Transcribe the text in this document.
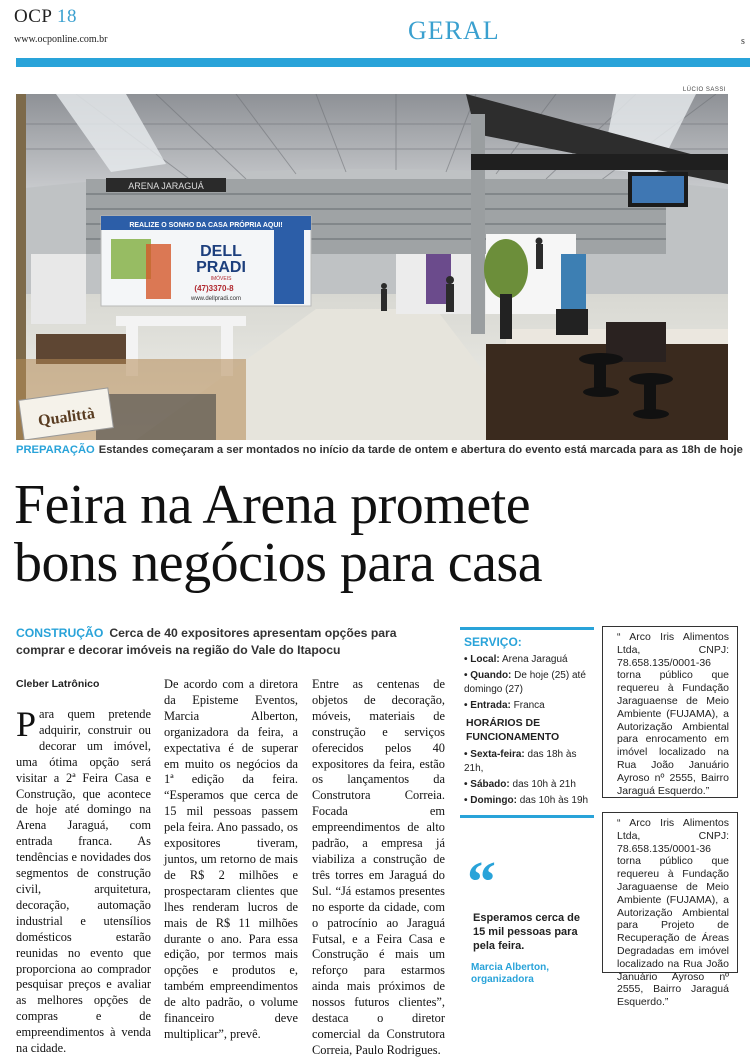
OCP 18
www.ocponline.com.br	GERAL	s
LÚCIO SASSI
ARENA JARAGUÁ
REALIZE O SONHO DA CASA PRÓPRIA AQUI!
DELL
PRADI
IMÓVEIS
(47)3370-8
www.dellpradi.com
Qualittà
PREPARAÇÃO Estandes começaram a ser montados no início da tarde de ontem e abertura do evento está marcada para as 18h de hoje
Feira na Arena promete
bons negócios para casa
CONSTRUÇÃO Cerca de 40 expositores apresentam opções para comprar e decorar imóveis na região do Vale do Itapocu
Cleber Latrônico
Para quem pretende adquirir, construir ou decorar um imóvel, uma ótima opção será visitar a 2ª Feira Casa e Construção, que acontece de hoje até domingo na Arena Jaraguá, com entrada franca. As tendências e novidades dos segmentos de construção civil, arquitetura, decoração, automação industrial e utensílios domésticos estarão reunidas no evento que proporciona ao comprador pesquisar preços e avaliar as melhores opções de compras e de empreendimentos à venda na cidade.
De acordo com a diretora da Episteme Eventos, Marcia Alberton, organizadora da feira, a expectativa é de superar em muito os negócios da 1ª edição da feira. “Esperamos que cerca de 15 mil pessoas passem pela feira. Ano passado, os expositores tiveram, juntos, um retorno de mais de R$ 2 milhões e prospectaram clientes que lhes renderam lucros de mais de R$ 11 milhões durante o ano. Para essa edição, por termos mais opções e produtos e, também empreendimentos de alto padrão, o volume financeiro deve multiplicar”, prevê.
Entre as centenas de objetos de decoração, móveis, materiais de construção e serviços oferecidos pelos 40 expositores da feira, estão os lançamentos da Construtora Correia. Focada em empreendimentos de alto padrão, a empresa já viabiliza a construção de três torres em Jaraguá do Sul. “Já estamos presentes no esporte da cidade, com o patrocínio ao Jaraguá Futsal, e a Feira Casa e Construção é mais um reforço para estarmos ainda mais próximos de nossos futuros clientes”, destaca o diretor comercial da Construtora Correia, Paulo Rodrigues.
SERVIÇO:
• Local: Arena Jaraguá
• Quando: De hoje (25) até domingo (27)
• Entrada: Franca
HORÁRIOS DE FUNCIONAMENTO
• Sexta-feira: das 18h às 21h,
• Sábado: das 10h à 21h
• Domingo: das 10h às 19h
“
Esperamos cerca de 15 mil pessoas para pela feira.
Marcia Alberton, organizadora
“ Arco Iris Alimentos Ltda, CNPJ: 78.658.135/0001-36 torna público que requereu à Fundação Jaraguaense de Meio Ambiente (FUJAMA), a Autorização Ambiental para enrocamento em imóvel localizado na Rua João Januário Ayroso nº 2555, Bairro Jaraguá Esquerdo.”
“ Arco Iris Alimentos Ltda, CNPJ: 78.658.135/0001-36 torna público que requereu à Fundação Jaraguaense de Meio Ambiente (FUJAMA), a Autorização Ambiental para Projeto de Recuperação de Áreas Degradadas em imóvel localizado na Rua João Januário Ayroso nº 2555, Bairro Jaraguá Esquerdo.”
